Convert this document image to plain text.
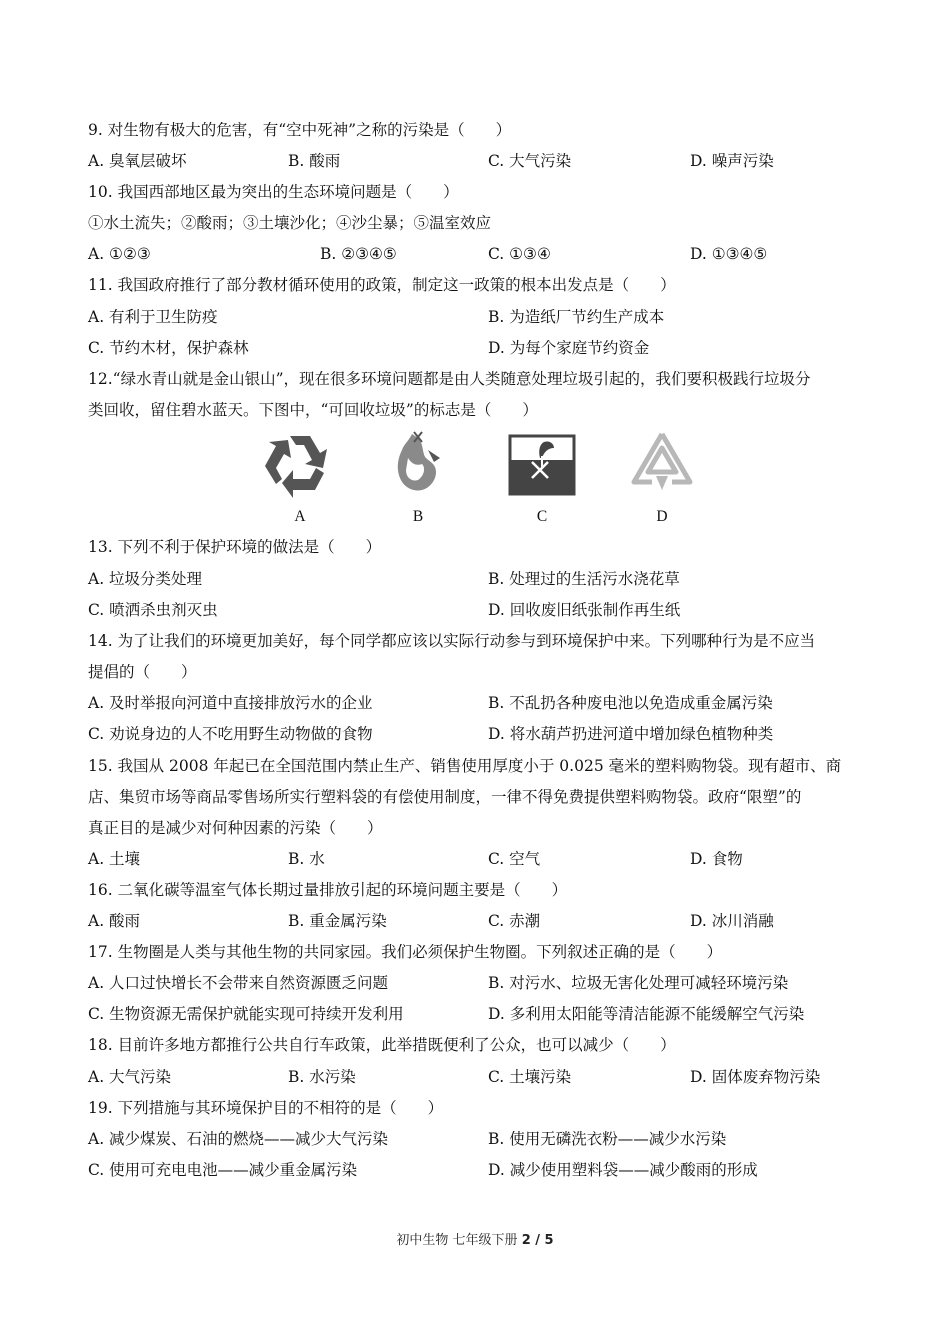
9. 对生物有极大的危害，有“空中死神”之称的污染是（　　）
A. 臭氧层破坏	B. 酸雨	C. 大气污染	D. 噪声污染
10. 我国西部地区最为突出的生态环境问题是（　　）
①水土流失；②酸雨；③土壤沙化；④沙尘暴；⑤温室效应
A. ①②③	B. ②③④⑤	C. ①③④	D. ①③④⑤
11. 我国政府推行了部分教材循环使用的政策，制定这一政策的根本出发点是（　　）
A. 有利于卫生防疫	B. 为造纸厂节约生产成本
C. 节约木材，保护森林	D. 为每个家庭节约资金
12.“绿水青山就是金山银山”，现在很多环境问题都是由人类随意处理垃圾引起的，我们要积极践行垃圾分
类回收，留住碧水蓝天。下图中，“可回收垃圾”的标志是（　　）
A	B	C	D
13. 下列不利于保护环境的做法是（　　）
A. 垃圾分类处理	B. 处理过的生活污水浇花草
C. 喷洒杀虫剂灭虫	D. 回收废旧纸张制作再生纸
14. 为了让我们的环境更加美好，每个同学都应该以实际行动参与到环境保护中来。下列哪种行为是不应当
提倡的（　　）
A. 及时举报向河道中直接排放污水的企业	B. 不乱扔各种废电池以免造成重金属污染
C. 劝说身边的人不吃用野生动物做的食物	D. 将水葫芦扔进河道中增加绿色植物种类
15. 我国从 2008 年起已在全国范围内禁止生产、销售使用厚度小于 0.025 毫米的塑料购物袋。现有超市、商
店、集贸市场等商品零售场所实行塑料袋的有偿使用制度，一律不得免费提供塑料购物袋。政府“限塑”的
真正目的是减少对何种因素的污染（　　）
A. 土壤	B. 水	C. 空气	D. 食物
16. 二氧化碳等温室气体长期过量排放引起的环境问题主要是（　　）
A. 酸雨	B. 重金属污染	C. 赤潮	D. 冰川消融
17. 生物圈是人类与其他生物的共同家园。我们必须保护生物圈。下列叙述正确的是（　　）
A. 人口过快增长不会带来自然资源匮乏问题	B. 对污水、垃圾无害化处理可减轻环境污染
C. 生物资源无需保护就能实现可持续开发利用	D. 多利用太阳能等清洁能源不能缓解空气污染
18. 目前许多地方都推行公共自行车政策，此举措既便利了公众，也可以减少（　　）
A. 大气污染	B. 水污染	C. 土壤污染	D. 固体废弃物污染
19. 下列措施与其环境保护目的不相符的是（　　）
A. 减少煤炭、石油的燃烧——减少大气污染	B. 使用无磷洗衣粉——减少水污染
C. 使用可充电电池——减少重金属污染	D. 减少使用塑料袋——减少酸雨的形成
初中生物 七年级下册 2 / 5
